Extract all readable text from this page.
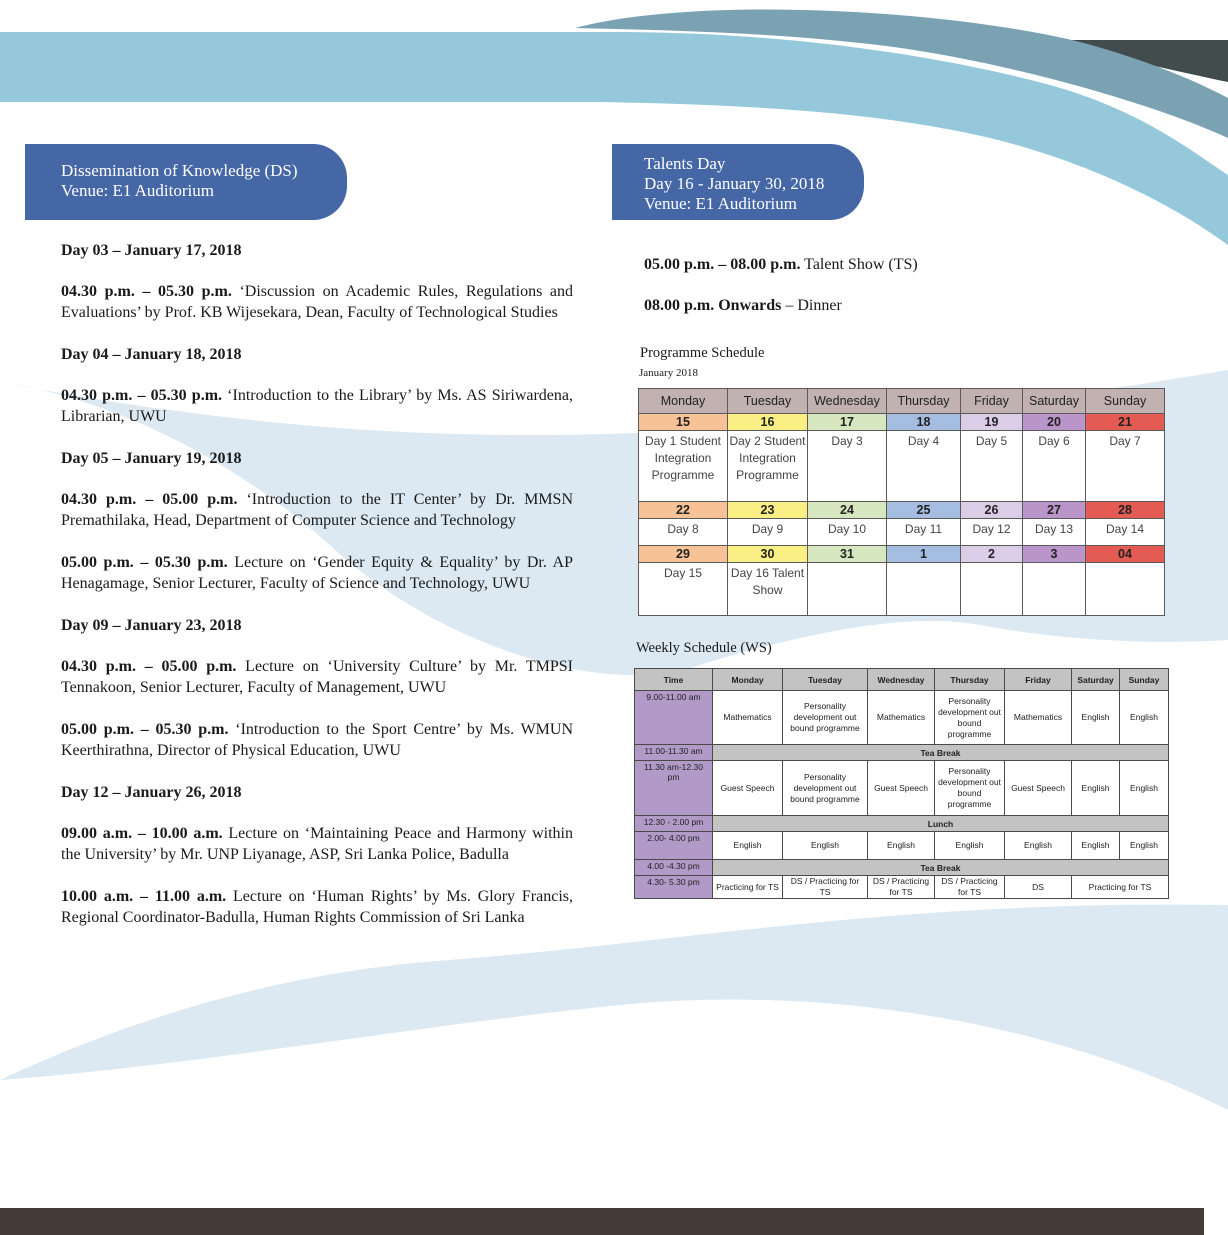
Dissemination of Knowledge (DS)
Venue: E1 Auditorium
Talents Day
Day 16 - January 30, 2018
Venue: E1 Auditorium

Day 03 – January 17, 2018

04.30 p.m. – 05.30 p.m. ‘Discussion on Academic Rules, Regulations and Evaluations’ by Prof. KB Wijesekara, Dean, Faculty of Technological Studies

Day 04 – January 18, 2018

04.30 p.m. – 05.30 p.m. ‘Introduction to the Library’ by Ms. AS Siriwardena, Librarian, UWU

Day 05 – January 19, 2018

04.30 p.m. – 05.00 p.m. ‘Introduction to the IT Center’ by Dr. MMSN Premathilaka, Head, Department of Computer Science and Technology

05.00 p.m. – 05.30 p.m. Lecture on ‘Gender Equity & Equality’ by Dr. AP Henagamage, Senior Lecturer, Faculty of Science and Technology, UWU

Day 09 – January 23, 2018

04.30 p.m. – 05.00 p.m. Lecture on ‘University Culture’ by Mr. TMPSI Tennakoon, Senior Lecturer, Faculty of Management, UWU

05.00 p.m. – 05.30 p.m. ‘Introduction to the Sport Centre’ by Ms. WMUN Keerthirathna, Director of Physical Education, UWU

Day 12 – January 26, 2018

09.00 a.m. – 10.00 a.m. Lecture on ‘Maintaining Peace and Harmony within the University’ by Mr. UNP Liyanage, ASP, Sri Lanka Police, Badulla

10.00 a.m. – 11.00 a.m. Lecture on ‘Human Rights’ by Ms. Glory Francis, Regional Coordinator-Badulla, Human Rights Commission of Sri Lanka

05.00 p.m. – 08.00 p.m. Talent Show (TS)

08.00 p.m. Onwards – Dinner

Programme Schedule
January 2018
Monday	Tuesday	Wednesday	Thursday	Friday	Saturday	Sunday
15	16	17	18	19	20	21
Day 1 Student Integration Programme	Day 2 Student Integration Programme	Day 3	Day 4	Day 5	Day 6	Day 7
22	23	24	25	26	27	28
Day 8	Day 9	Day 10	Day 11	Day 12	Day 13	Day 14
29	30	31	1	2	3	04
Day 15	Day 16 Talent Show					
Weekly Schedule (WS)
Time	Monday	Tuesday	Wednesday	Thursday	Friday	Saturday	Sunday
9.00-11.00 am	Mathematics	Personality development out bound programme	Mathematics	Personality development out bound programme	Mathematics	English	English
11.00-11.30 am	Tea Break						
11.30 am-12.30 pm	Guest Speech	Personality development out bound programme	Guest Speech	Personality development out bound programme	Guest Speech	English	English
12.30 - 2.00 pm	Lunch						
2.00- 4.00 pm	English	English	English	English	English	English	English
4.00 -4.30 pm	Tea Break						
4.30- 5.30 pm	Practicing for TS	DS / Practicing for TS	DS / Practicing for TS	DS / Practicing for TS	DS	Practicing for TS	
